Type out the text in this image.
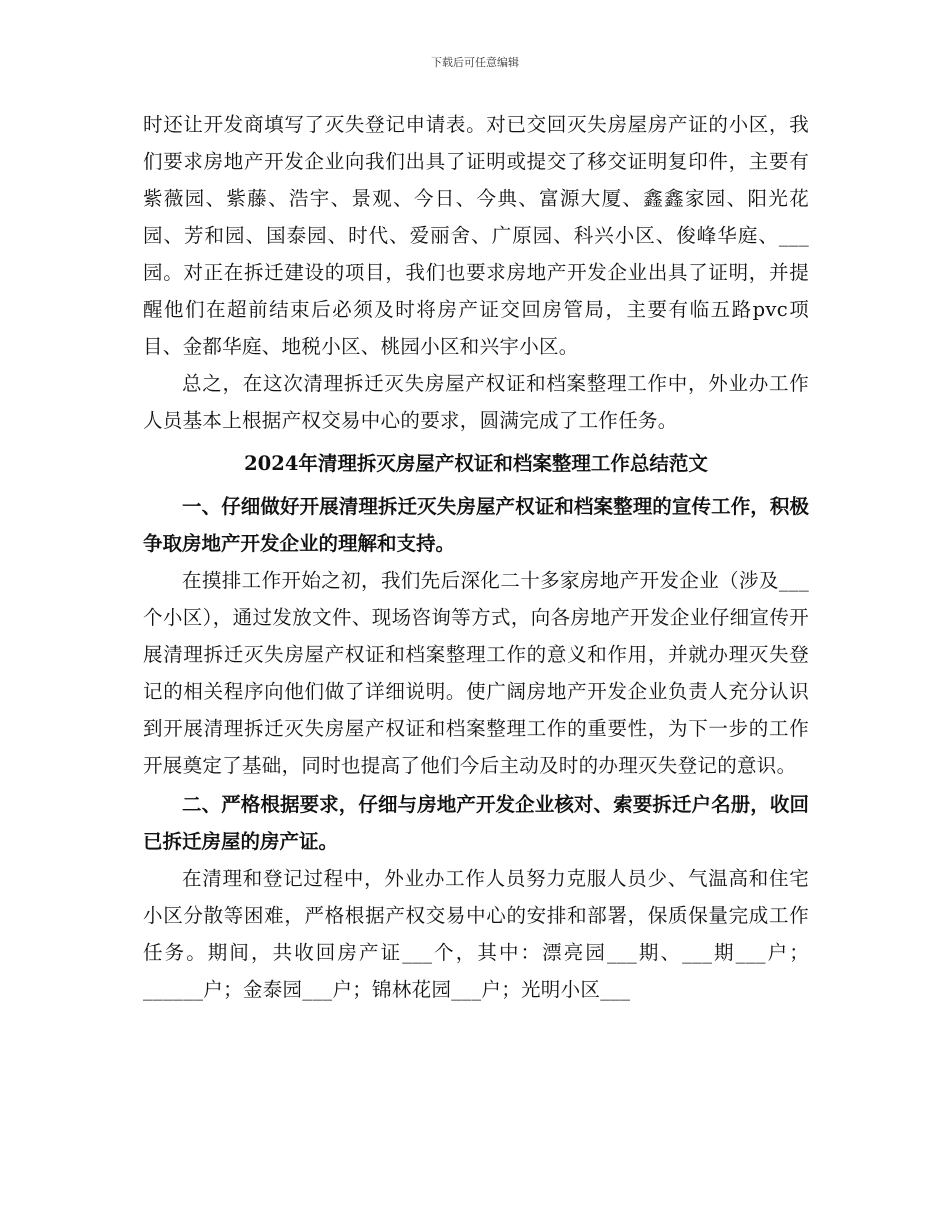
下载后可任意编辑

时还让开发商填写了灭失登记申请表。对已交回灭失房屋房产证的小区，我们要求房地产开发企业向我们出具了证明或提交了移交证明复印件，主要有紫薇园、紫藤、浩宇、景观、今日、今典、富源大厦、鑫鑫家园、阳光花园、芳和园、国泰园、时代、爱丽舍、广原园、科兴小区、俊峰华庭、___园。对正在拆迁建设的项目，我们也要求房地产开发企业出具了证明，并提醒他们在超前结束后必须及时将房产证交回房管局，主要有临五路pvc项目、金都华庭、地税小区、桃园小区和兴宇小区。

总之，在这次清理拆迁灭失房屋产权证和档案整理工作中，外业办工作人员基本上根据产权交易中心的要求，圆满完成了工作任务。

2024年清理拆灭房屋产权证和档案整理工作总结范文

一、仔细做好开展清理拆迁灭失房屋产权证和档案整理的宣传工作，积极争取房地产开发企业的理解和支持。

在摸排工作开始之初，我们先后深化二十多家房地产开发企业（涉及___个小区），通过发放文件、现场咨询等方式，向各房地产开发企业仔细宣传开展清理拆迁灭失房屋产权证和档案整理工作的意义和作用，并就办理灭失登记的相关程序向他们做了详细说明。使广阔房地产开发企业负责人充分认识到开展清理拆迁灭失房屋产权证和档案整理工作的重要性，为下一步的工作开展奠定了基础，同时也提高了他们今后主动及时的办理灭失登记的意识。

二、严格根据要求，仔细与房地产开发企业核对、索要拆迁户名册，收回已拆迁房屋的房产证。

在清理和登记过程中，外业办工作人员努力克服人员少、气温高和住宅小区分散等困难，严格根据产权交易中心的安排和部署，保质保量完成工作任务。期间，共收回房产证___个，其中：漂亮园___期、___期___户；______户；金泰园___户；锦林花园___户；光明小区___
